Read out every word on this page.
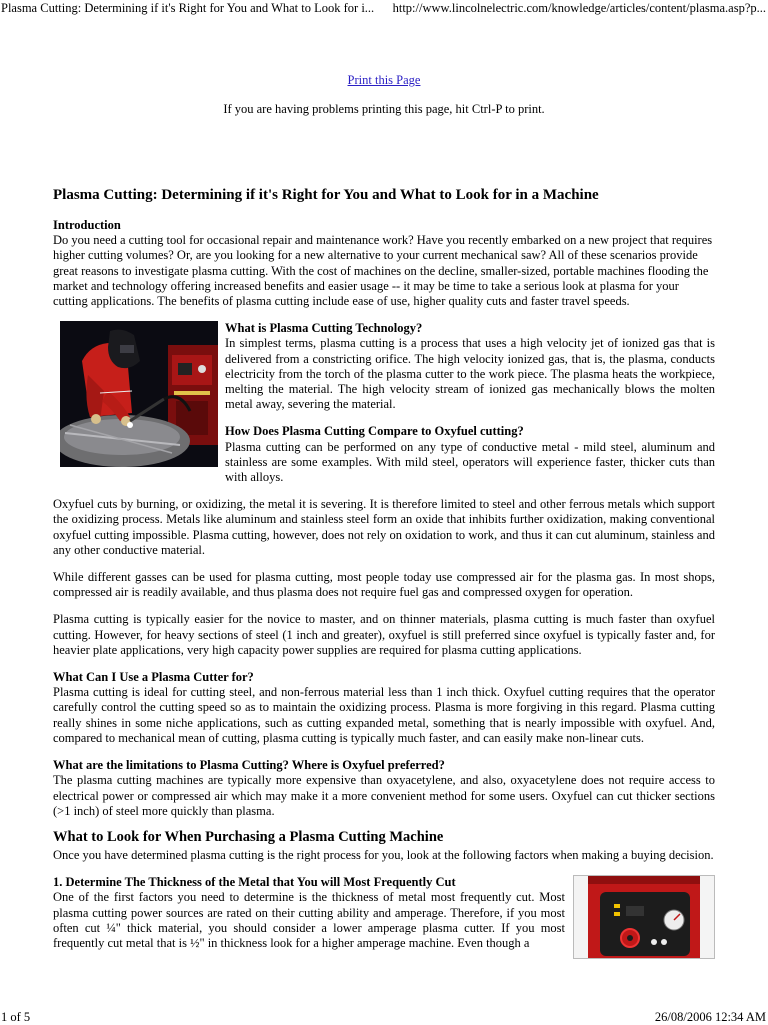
Plasma Cutting: Determining if it's Right for You and What to Look for i... http://www.lincolnelectric.com/knowledge/articles/content/plasma.asp?p...
Print this Page
If you are having problems printing this page, hit Ctrl-P to print.
Plasma Cutting: Determining if it's Right for You and What to Look for in a Machine
Introduction

Do you need a cutting tool for occasional repair and maintenance work? Have you recently embarked on a new project that requires higher cutting volumes? Or, are you looking for a new alternative to your current mechanical saw? All of these scenarios provide great reasons to investigate plasma cutting. With the cost of machines on the decline, smaller-sized, portable machines flooding the market and technology offering increased benefits and easier usage -- it may be time to take a serious look at plasma for your cutting applications. The benefits of plasma cutting include ease of use, higher quality cuts and faster travel speeds.

What is Plasma Cutting Technology?

In simplest terms, plasma cutting is a process that uses a high velocity jet of ionized gas that is delivered from a constricting orifice. The high velocity ionized gas, that is, the plasma, conducts electricity from the torch of the plasma cutter to the work piece. The plasma heats the workpiece, melting the material. The high velocity stream of ionized gas mechanically blows the molten metal away, severing the material.

How Does Plasma Cutting Compare to Oxyfuel cutting?

Plasma cutting can be performed on any type of conductive metal - mild steel, aluminum and stainless are some examples. With mild steel, operators will experience faster, thicker cuts than with alloys.

Oxyfuel cuts by burning, or oxidizing, the metal it is severing. It is therefore limited to steel and other ferrous metals which support the oxidizing process. Metals like aluminum and stainless steel form an oxide that inhibits further oxidization, making conventional oxyfuel cutting impossible. Plasma cutting, however, does not rely on oxidation to work, and thus it can cut aluminum, stainless and any other conductive material.

While different gasses can be used for plasma cutting, most people today use compressed air for the plasma gas. In most shops, compressed air is readily available, and thus plasma does not require fuel gas and compressed oxygen for operation.

Plasma cutting is typically easier for the novice to master, and on thinner materials, plasma cutting is much faster than oxyfuel cutting. However, for heavy sections of steel (1 inch and greater), oxyfuel is still preferred since oxyfuel is typically faster and, for heavier plate applications, very high capacity power supplies are required for plasma cutting applications.

What Can I Use a Plasma Cutter for?

Plasma cutting is ideal for cutting steel, and non-ferrous material less than 1 inch thick. Oxyfuel cutting requires that the operator carefully control the cutting speed so as to maintain the oxidizing process. Plasma is more forgiving in this regard. Plasma cutting really shines in some niche applications, such as cutting expanded metal, something that is nearly impossible with oxyfuel. And, compared to mechanical mean of cutting, plasma cutting is typically much faster, and can easily make non-linear cuts.

What are the limitations to Plasma Cutting? Where is Oxyfuel preferred?

The plasma cutting machines are typically more expensive than oxyacetylene, and also, oxyacetylene does not require access to electrical power or compressed air which may make it a more convenient method for some users. Oxyfuel can cut thicker sections (>1 inch) of steel more quickly than plasma.

What to Look for When Purchasing a Plasma Cutting Machine

Once you have determined plasma cutting is the right process for you, look at the following factors when making a buying decision.

1. Determine The Thickness of the Metal that You will Most Frequently Cut

One of the first factors you need to determine is the thickness of metal most frequently cut. Most plasma cutting power sources are rated on their cutting ability and amperage. Therefore, if you most often cut ¼" thick material, you should consider a lower amperage plasma cutter. If you most frequently cut metal that is ½" in thickness look for a higher amperage machine. Even though a

1 of 5	26/08/2006 12:34 AM
